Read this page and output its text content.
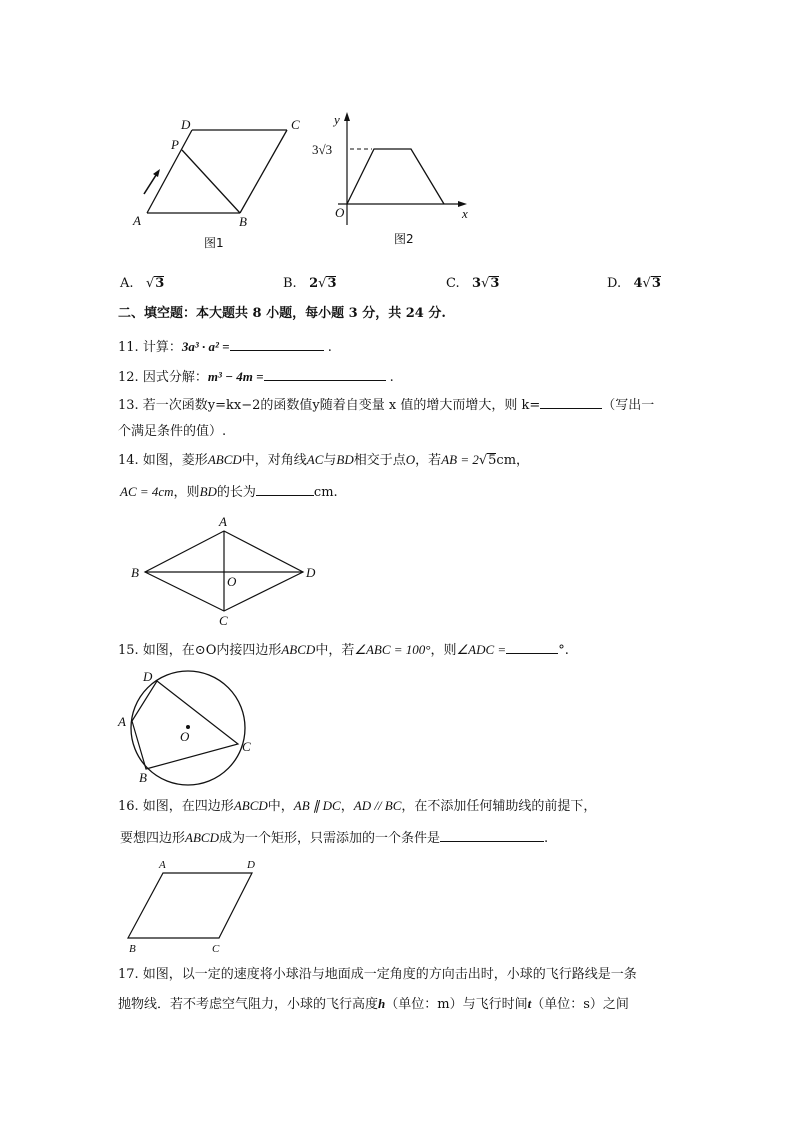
A	B
C
D
P
y
x
O
3√3
图1	图2
A. √3	B. 2√3	C. 3√3	D. 4√3
二、填空题：本大题共 8 小题，每小题 3 分，共 24 分.
11. 计算：3a³ · a² =	.
12. 因式分解：m³ − 4m =	.
13. 若一次函数y=kx−2的函数值y随着自变量 x 值的增大而增大，则 k=	（写出一
个满足条件的值）.
14. 如图，菱形ABCD中，对角线AC与BD相交于点O，若AB = 2√5cm，
AC = 4cm，则BD的长为	cm.
A
B
C
D
O
15. 如图，在⊙O内接四边形ABCD中，若∠ABC = 100°，则∠ADC =	°.
D
A
B
C
O
16. 如图，在四边形ABCD中，AB ∥ DC，AD // BC，在不添加任何辅助线的前提下，
要想四边形ABCD成为一个矩形，只需添加的一个条件是	.
A	D
B	C
17. 如图，以一定的速度将小球沿与地面成一定角度的方向击出时，小球的飞行路线是一条
抛物线．若不考虑空气阻力，小球的飞行高度h（单位：m）与飞行时间t（单位：s）之间
